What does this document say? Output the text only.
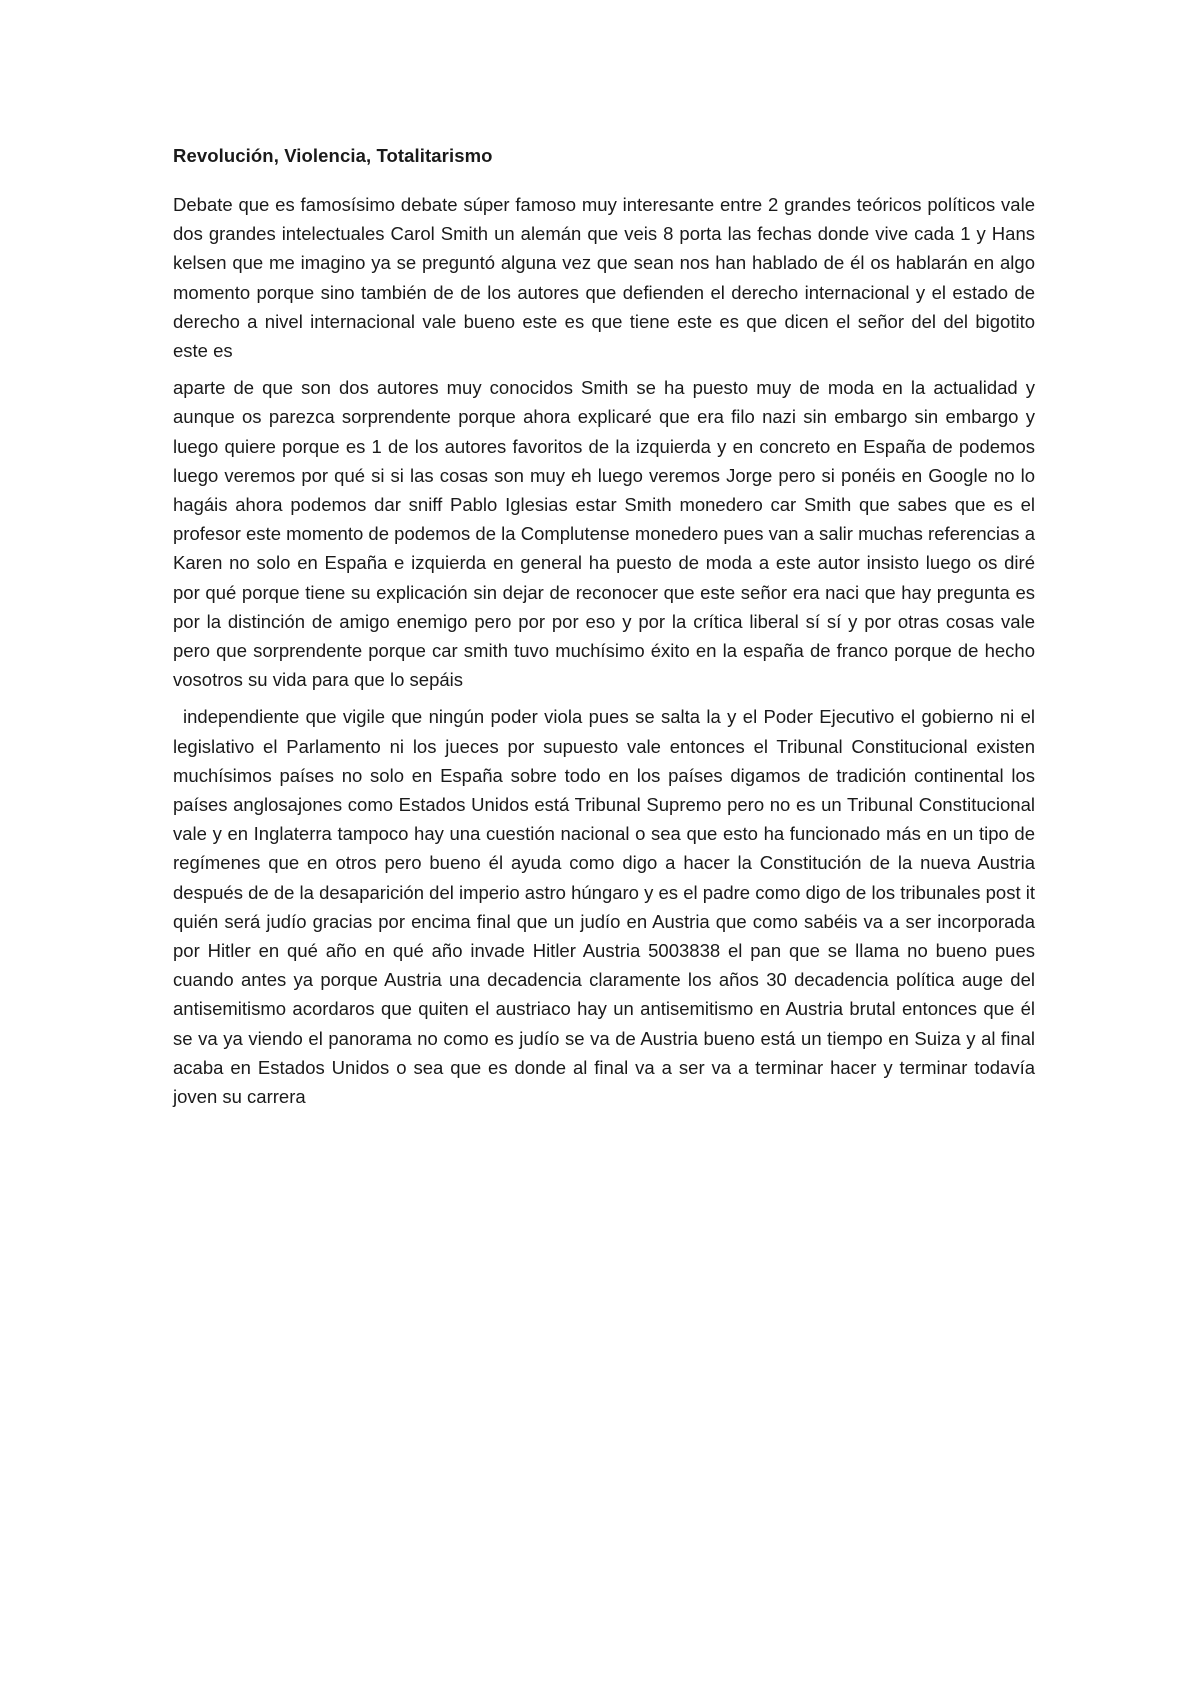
Revolución, Violencia, Totalitarismo

Debate que es famosísimo debate súper famoso muy interesante entre 2 grandes teóricos políticos vale dos grandes intelectuales Carol Smith un alemán que veis 8 porta las fechas donde vive cada 1 y Hans kelsen que me imagino ya se preguntó alguna vez que sean nos han hablado de él os hablarán en algo momento porque sino también de de los autores que defienden el derecho internacional y el estado de derecho a nivel internacional vale bueno este es que tiene este es que dicen el señor del del bigotito este es

aparte de que son dos autores muy conocidos Smith se ha puesto muy de moda en la actualidad y aunque os parezca sorprendente porque ahora explicaré que era filo nazi sin embargo sin embargo y luego quiere porque es 1 de los autores favoritos de la izquierda y en concreto en España de podemos luego veremos por qué si si las cosas son muy eh luego veremos Jorge pero si ponéis en Google no lo hagáis ahora podemos dar sniff Pablo Iglesias estar Smith monedero car Smith que sabes que es el profesor este momento de podemos de la Complutense monedero pues van a salir muchas referencias a Karen no solo en España e izquierda en general ha puesto de moda a este autor insisto luego os diré por qué porque tiene su explicación sin dejar de reconocer que este señor era naci que hay pregunta es por la distinción de amigo enemigo pero por por eso y por la crítica liberal sí sí y por otras cosas vale pero que sorprendente porque car smith tuvo muchísimo éxito en la españa de franco porque de hecho vosotros su vida para que lo sepáis

independiente que vigile que ningún poder viola pues se salta la y el Poder Ejecutivo el gobierno ni el legislativo el Parlamento ni los jueces por supuesto vale entonces el Tribunal Constitucional existen muchísimos países no solo en España sobre todo en los países digamos de tradición continental los países anglosajones como Estados Unidos está Tribunal Supremo pero no es un Tribunal Constitucional vale y en Inglaterra tampoco hay una cuestión nacional o sea que esto ha funcionado más en un tipo de regímenes que en otros pero bueno él ayuda como digo a hacer la Constitución de la nueva Austria después de de la desaparición del imperio astro húngaro y es el padre como digo de los tribunales post it quién será judío gracias por encima final que un judío en Austria que como sabéis va a ser incorporada por Hitler en qué año en qué año invade Hitler Austria 5003838 el pan que se llama no bueno pues cuando antes ya porque Austria una decadencia claramente los años 30 decadencia política auge del antisemitismo acordaros que quiten el austriaco hay un antisemitismo en Austria brutal entonces que él se va ya viendo el panorama no como es judío se va de Austria bueno está un tiempo en Suiza y al final acaba en Estados Unidos o sea que es donde al final va a ser va a terminar hacer y terminar todavía joven su carrera
